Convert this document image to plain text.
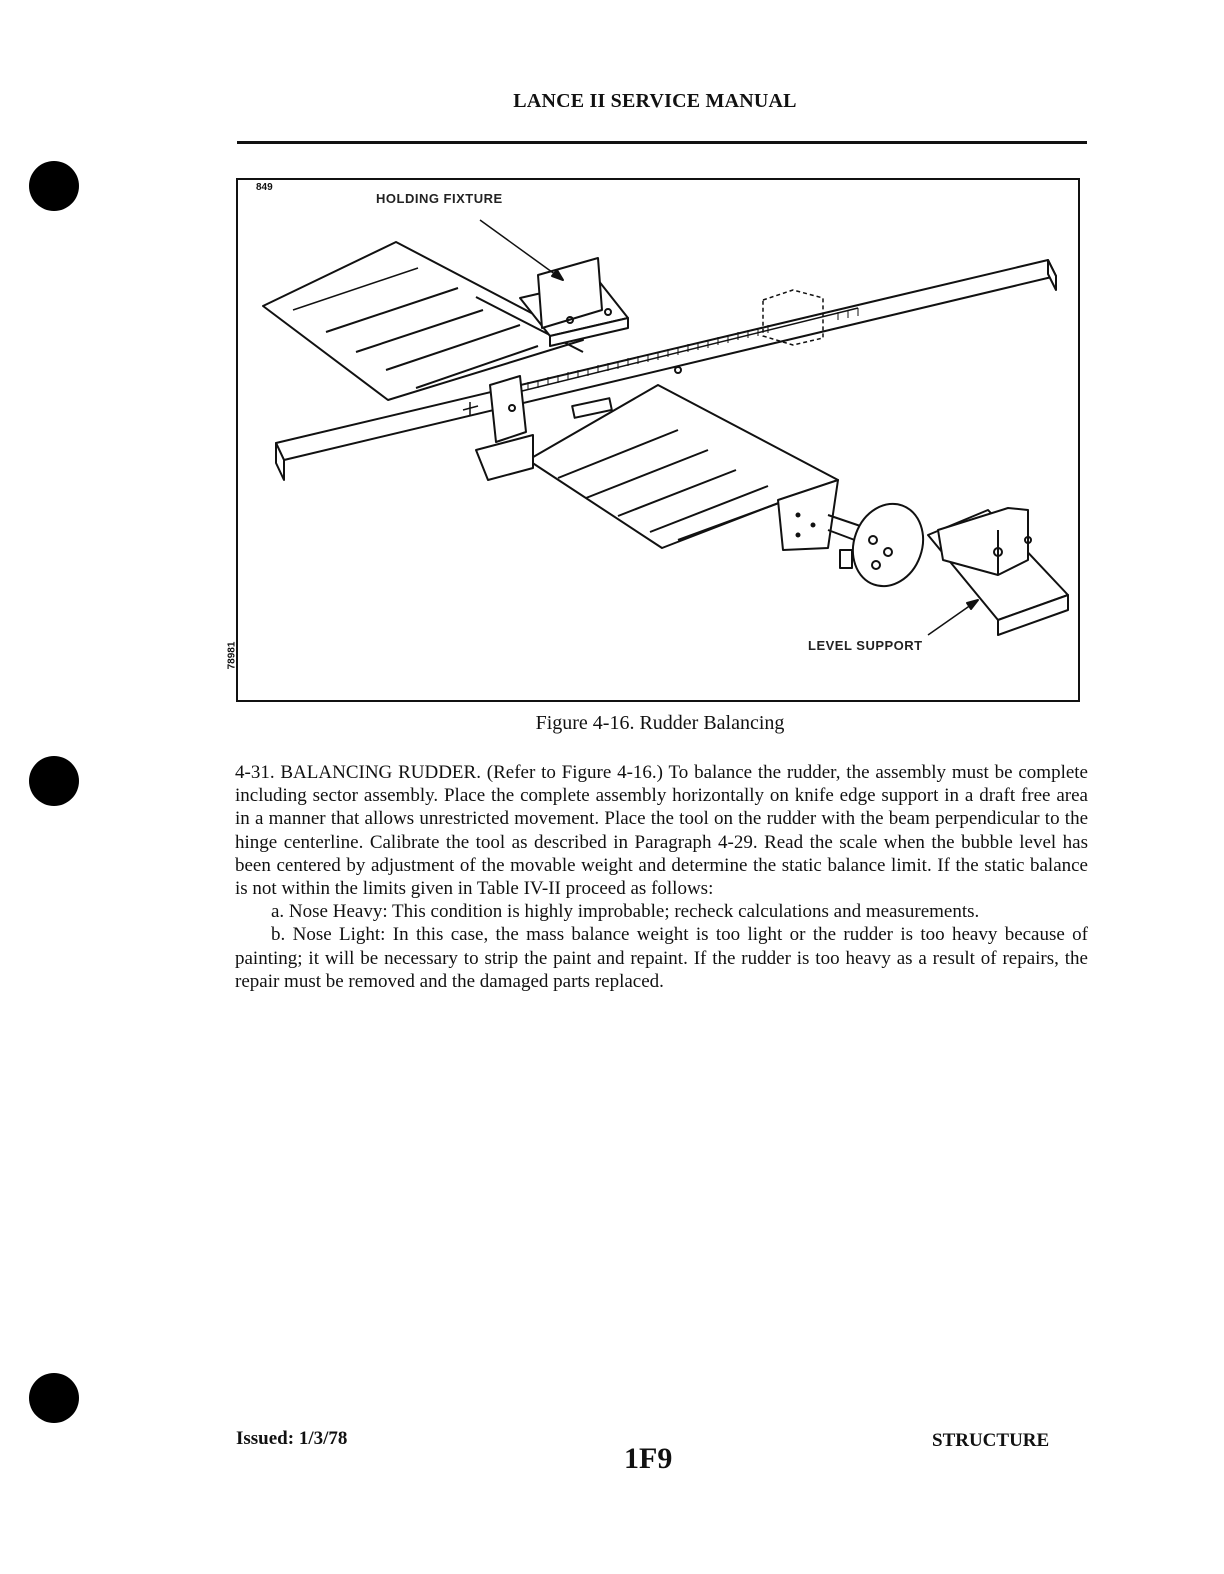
LANCE II SERVICE MANUAL
78981
849
HOLDING FIXTURE
LEVEL SUPPORT
Figure 4-16. Rudder Balancing

4-31. BALANCING RUDDER. (Refer to Figure 4-16.) To balance the rudder, the assembly must be complete including sector assembly. Place the complete assembly horizontally on knife edge support in a draft free area in a manner that allows unrestricted movement. Place the tool on the rudder with the beam perpendicular to the hinge centerline. Calibrate the tool as described in Paragraph 4-29. Read the scale when the bubble level has been centered by adjustment of the movable weight and determine the static balance limit. If the static balance is not within the limits given in Table IV-II proceed as follows:

a. Nose Heavy: This condition is highly improbable; recheck calculations and measurements.

b. Nose Light: In this case, the mass balance weight is too light or the rudder is too heavy because of painting; it will be necessary to strip the paint and repaint. If the rudder is too heavy as a result of repairs, the repair must be removed and the damaged parts replaced.

Issued: 1/3/78
1F9
STRUCTURE
